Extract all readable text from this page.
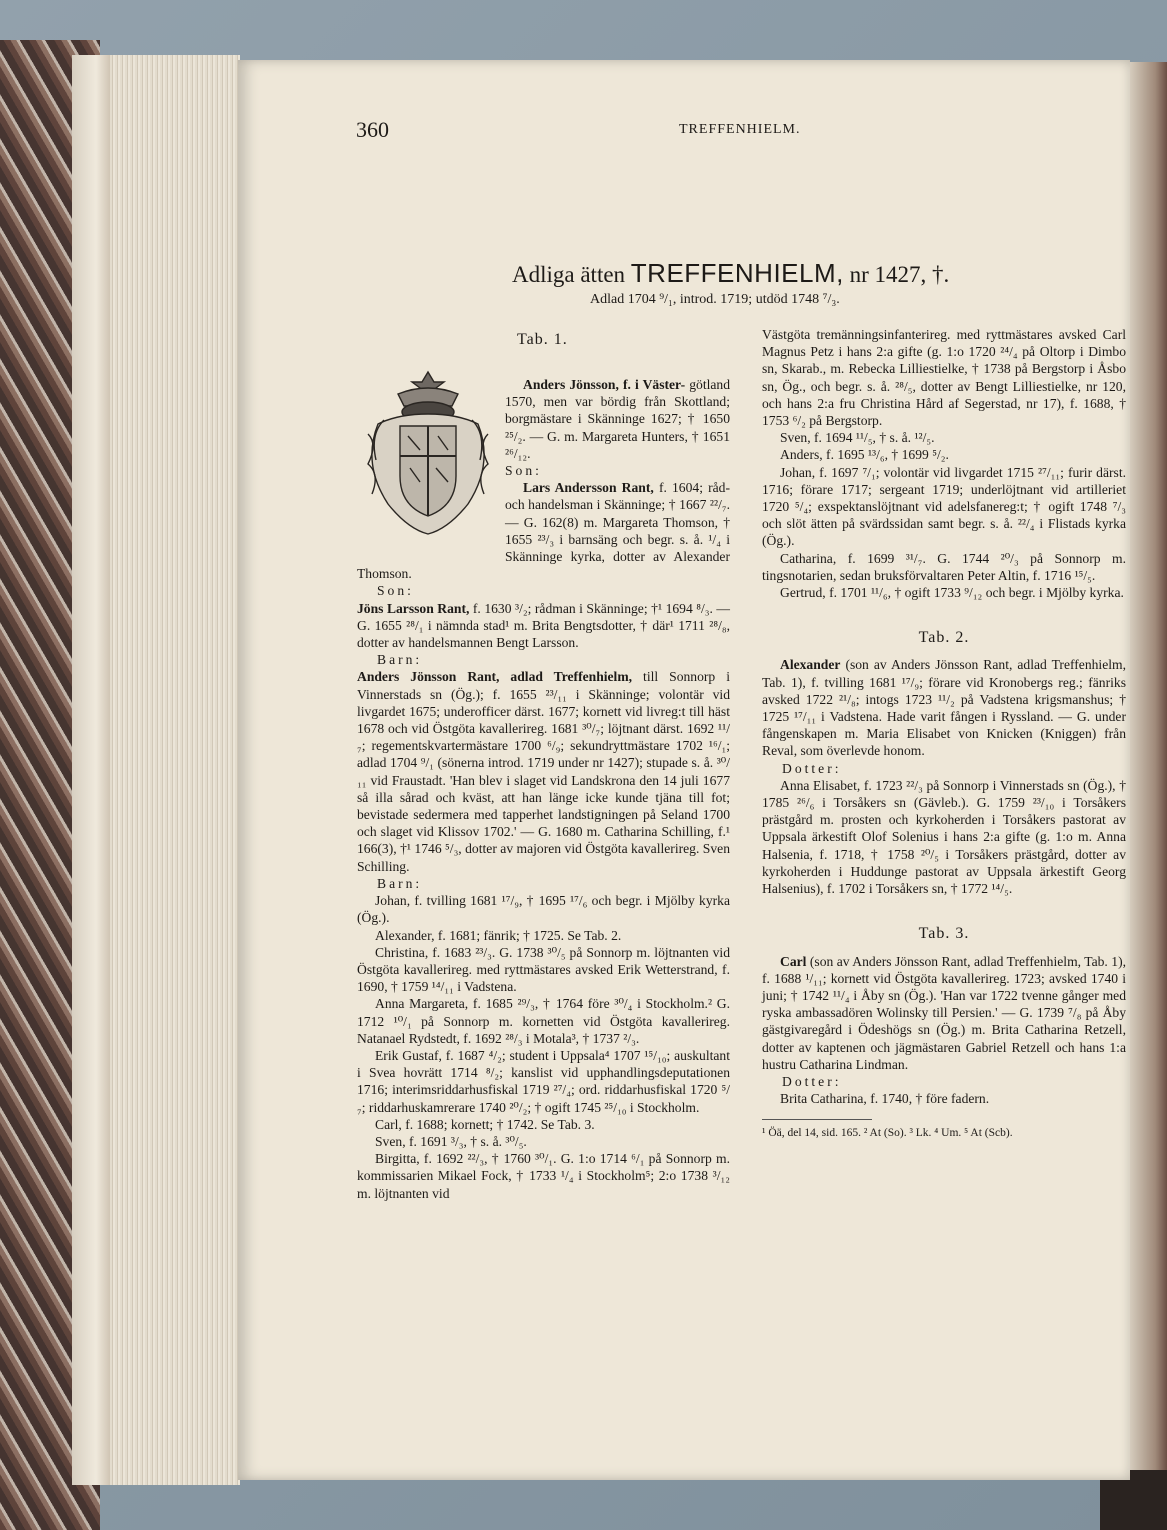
360	TREFFENHIELM.
Adliga ätten TREFFENHIELM, nr 1427, †.
Adlad 1704 ⁹/₁, introd. 1719; utdöd 1748 ⁷/₃.
Tab. 1.

Anders Jönsson, f. i Väster- götland 1570, men var bördig från Skottland; borgmästare i Skänninge 1627; † 1650 ²⁵/₂. — G. m. Margareta Hunters, † 1651 ²⁶/₁₂.

Son:

Lars Andersson Rant, f. 1604; råd- och handelsman i Skänninge; † 1667 ²²/₇. — G. 162(8) m. Margareta Thomson, † 1655 ²³/₃ i barnsäng och begr. s. å. ¹/₄ i Skänninge kyrka, dotter av Alexander Thomson.

Son:

Jöns Larsson Rant, f. 1630 ³/₂; rådman i Skänninge; †¹ 1694 ⁸/₃. — G. 1655 ²⁸/₁ i nämnda stad¹ m. Brita Bengtsdotter, † där¹ 1711 ²⁸/₈, dotter av handelsmannen Bengt Larsson.

Barn:

Anders Jönsson Rant, adlad Treffenhielm, till Sonnorp i Vinnerstads sn (Ög.); f. 1655 ²³/₁₁ i Skänninge; volontär vid livgardet 1675; underofficer därst. 1677; kornett vid livreg:t till häst 1678 och vid Östgöta kavallerireg. 1681 ³⁰/₇; löjtnant därst. 1692 ¹¹/₇; regementskvartermästare 1700 ⁶/₉; sekundryttmästare 1702 ¹⁶/₁; adlad 1704 ⁹/₁ (sönerna introd. 1719 under nr 1427); stupade s. å. ³⁰/₁₁ vid Fraustadt. 'Han blev i slaget vid Landskrona den 14 juli 1677 så illa sårad och kväst, att han länge icke kunde tjäna till fot; bevistade sedermera med tapperhet landstigningen på Seland 1700 och slaget vid Klissov 1702.' — G. 1680 m. Catharina Schilling, f.¹ 166(3), †¹ 1746 ⁵/₃, dotter av majoren vid Östgöta kavallerireg. Sven Schilling.

Barn:

Johan, f. tvilling 1681 ¹⁷/₉, † 1695 ¹⁷/₆ och begr. i Mjölby kyrka (Ög.).

Alexander, f. 1681; fänrik; † 1725. Se Tab. 2.

Christina, f. 1683 ²³/₃. G. 1738 ³⁰/₅ på Sonnorp m. löjtnanten vid Östgöta kavallerireg. med ryttmästares avsked Erik Wetterstrand, f. 1690, † 1759 ¹⁴/₁₁ i Vadstena.

Anna Margareta, f. 1685 ²⁹/₃, † 1764 före ³⁰/₄ i Stockholm.² G. 1712 ¹⁰/₁ på Sonnorp m. kornetten vid Östgöta kavallerireg. Natanael Rydstedt, f. 1692 ²⁸/₃ i Motala³, † 1737 ²/₃.

Erik Gustaf, f. 1687 ⁴/₂; student i Uppsala⁴ 1707 ¹⁵/₁₀; auskultant i Svea hovrätt 1714 ⁸/₂; kanslist vid upphandlingsdeputationen 1716; interimsriddarhusfiskal 1719 ²⁷/₄; ord. riddarhusfiskal 1720 ⁵/₇; riddarhuskamrerare 1740 ²⁰/₂; † ogift 1745 ²⁵/₁₀ i Stockholm.

Carl, f. 1688; kornett; † 1742. Se Tab. 3.

Sven, f. 1691 ³/₃, † s. å. ³⁰/₅.

Birgitta, f. 1692 ²²/₃, † 1760 ³⁰/₁. G. 1:o 1714 ⁶/₁ på Sonnorp m. kommissarien Mikael Fock, † 1733 ¹/₄ i Stockholm⁵; 2:o 1738 ³/₁₂ m. löjtnanten vid

Västgöta tremänningsinfanterireg. med ryttmästares avsked Carl Magnus Petz i hans 2:a gifte (g. 1:o 1720 ²⁴/₄ på Oltorp i Dimbo sn, Skarab., m. Rebecka Lilliestielke, † 1738 på Bergstorp i Åsbo sn, Ög., och begr. s. å. ²⁸/₅, dotter av Bengt Lilliestielke, nr 120, och hans 2:a fru Christina Hård af Segerstad, nr 17), f. 1688, † 1753 ⁶/₂ på Bergstorp.

Sven, f. 1694 ¹¹/₅, † s. å. ¹²/₅.

Anders, f. 1695 ¹³/₆, † 1699 ⁵/₂.

Johan, f. 1697 ⁷/₁; volontär vid livgardet 1715 ²⁷/₁₁; furir därst. 1716; förare 1717; sergeant 1719; underlöjtnant vid artilleriet 1720 ⁵/₄; exspektanslöjtnant vid adelsfanereg:t; † ogift 1748 ⁷/₃ och slöt ätten på svärdssidan samt begr. s. å. ²²/₄ i Flistads kyrka (Ög.).

Catharina, f. 1699 ³¹/₇. G. 1744 ²⁰/₃ på Sonnorp m. tingsnotarien, sedan bruksförvaltaren Peter Altin, f. 1716 ¹⁵/₅.

Gertrud, f. 1701 ¹¹/₆, † ogift 1733 ⁹/₁₂ och begr. i Mjölby kyrka.

Tab. 2.

Alexander (son av Anders Jönsson Rant, adlad Treffenhielm, Tab. 1), f. tvilling 1681 ¹⁷/₉; förare vid Kronobergs reg.; fänriks avsked 1722 ²¹/₈; intogs 1723 ¹¹/₂ på Vadstena krigsmanshus; † 1725 ¹⁷/₁₁ i Vadstena. Hade varit fången i Ryssland. — G. under fångenskapen m. Maria Elisabet von Knicken (Kniggen) från Reval, som överlevde honom.

Dotter:

Anna Elisabet, f. 1723 ²²/₃ på Sonnorp i Vinnerstads sn (Ög.), † 1785 ²⁶/₆ i Torsåkers sn (Gävleb.). G. 1759 ²³/₁₀ i Torsåkers prästgård m. prosten och kyrkoherden i Torsåkers pastorat av Uppsala ärkestift Olof Solenius i hans 2:a gifte (g. 1:o m. Anna Halsenia, f. 1718, † 1758 ²⁰/₅ i Torsåkers prästgård, dotter av kyrkoherden i Huddunge pastorat av Uppsala ärkestift Georg Halsenius), f. 1702 i Torsåkers sn, † 1772 ¹⁴/₅.

Tab. 3.

Carl (son av Anders Jönsson Rant, adlad Treffenhielm, Tab. 1), f. 1688 ¹/₁₁; kornett vid Östgöta kavallerireg. 1723; avsked 1740 i juni; † 1742 ¹¹/₄ i Åby sn (Ög.). 'Han var 1722 tvenne gånger med ryska ambassadören Wolinsky till Persien.' — G. 1739 ⁷/₈ på Åby gästgivaregård i Ödeshögs sn (Ög.) m. Brita Catharina Retzell, dotter av kaptenen och jägmästaren Gabriel Retzell och hans 1:a hustru Catharina Lindman.

Dotter:

Brita Catharina, f. 1740, † före fadern.

¹ Öä, del 14, sid. 165. ² At (So). ³ Lk. ⁴ Um. ⁵ At (Scb).
